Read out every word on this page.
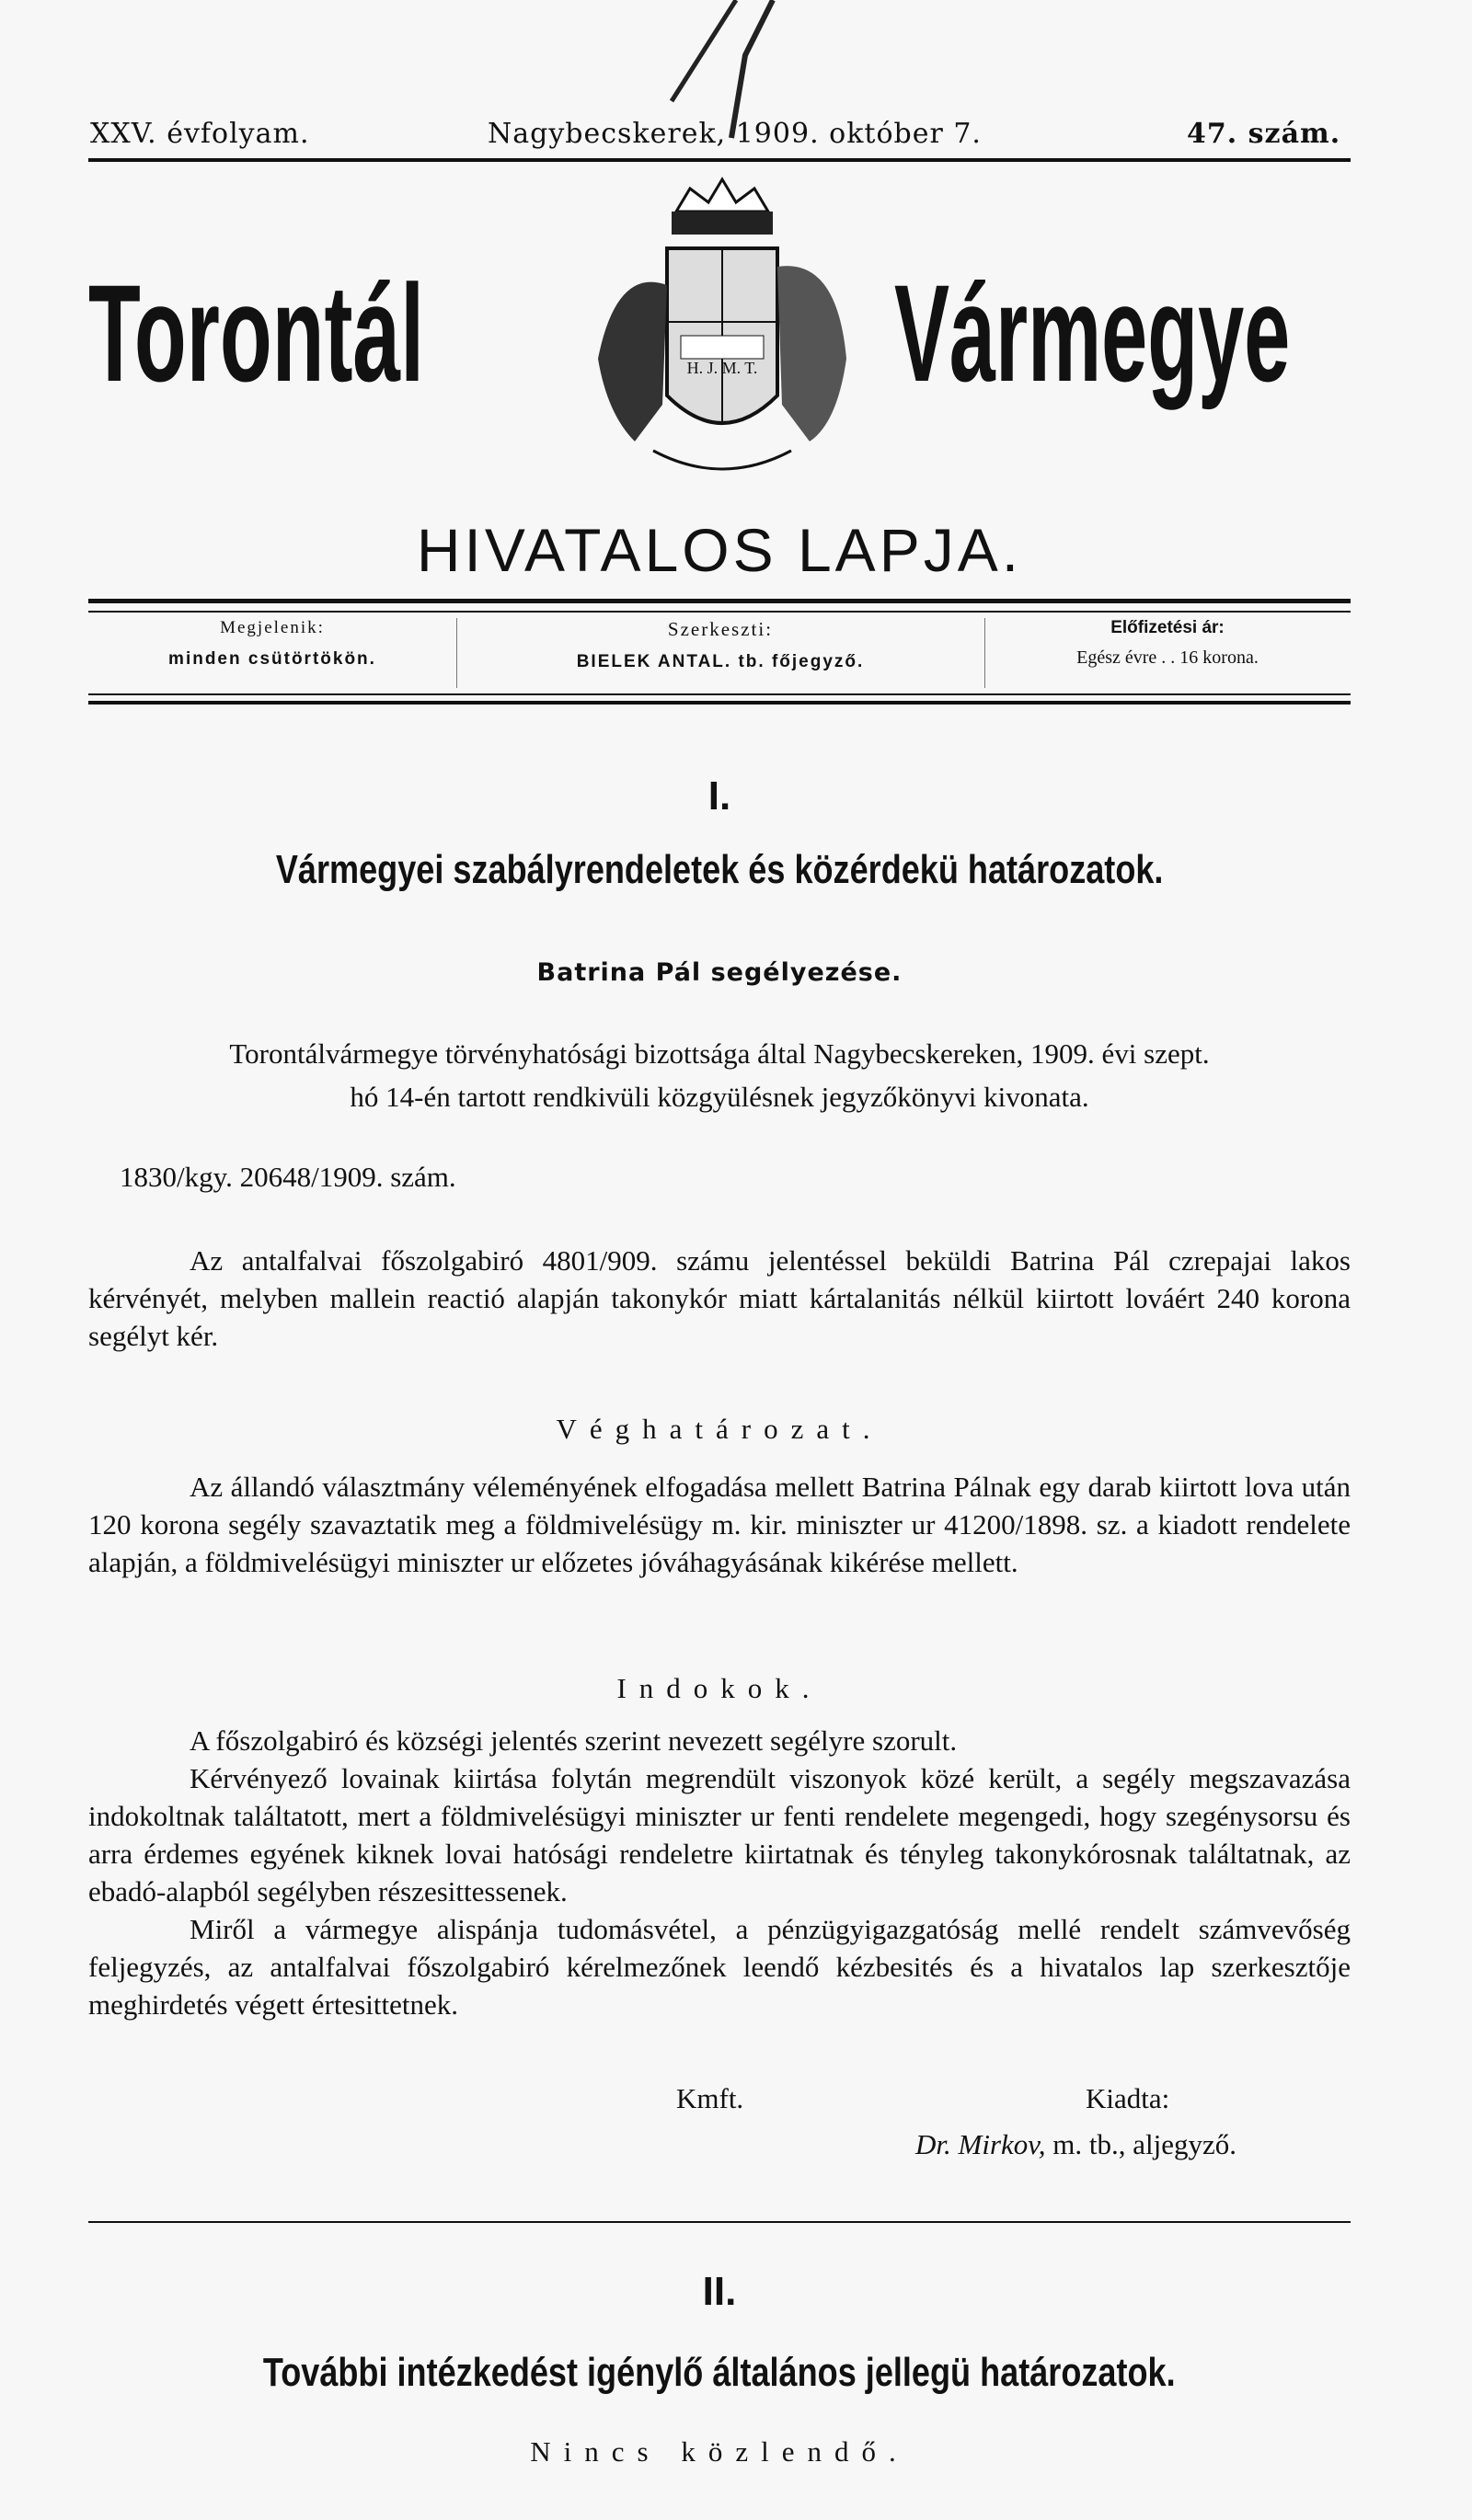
XXV. évfolyam.	Nagybecskerek, 1909. október 7.	47. szám.
Torontál	Vármegye
H. J. M. T.
HIVATALOS LAPJA.
Megjelenik:
minden csütörtökön.
Szerkeszti:
BIELEK ANTAL. tb. főjegyző.
Előfizetési ár:
Egész évre . . 16 korona.
I.
Vármegyei szabályrendeletek és közérdekü határozatok.
Batrina Pál segélyezése.
Torontálvármegye törvényhatósági bizottsága által Nagybecskereken, 1909. évi szept.
hó 14-én tartott rendkivüli közgyülésnek jegyzőkönyvi kivonata.
1830/kgy. 20648/1909. szám.
Az antalfalvai főszolgabiró 4801/909. számu jelentéssel beküldi Batrina Pál czrepajai lakos kérvényét, melyben mallein reactió alapján takonykór miatt kártalanitás nélkül kiirtott lováért 240 korona segélyt kér.
Véghatározat.
Az állandó választmány véleményének elfogadása mellett Batrina Pálnak egy darab kiirtott lova után 120 korona segély szavaztatik meg a földmivelésügy m. kir. miniszter ur 41200/1898. sz. a kiadott rendelete alapján, a földmivelésügyi miniszter ur előzetes jóváhagyásának kikérése mellett.
Indokok.
A főszolgabiró és községi jelentés szerint nevezett segélyre szorult.
Kérvényező lovainak kiirtása folytán megrendült viszonyok közé került, a segély megszavazása indokoltnak találtatott, mert a földmivelésügyi miniszter ur fenti rendelete megengedi, hogy szegénysorsu és arra érdemes egyének kiknek lovai hatósági rendeletre kiirtatnak és tényleg takonykórosnak találtatnak, az ebadó-alapból segélyben részesittessenek.
Miről a vármegye alispánja tudomásvétel, a pénzügyigazgatóság mellé rendelt számvevőség feljegyzés, az antalfalvai főszolgabiró kérelmezőnek leendő kézbesités és a hivatalos lap szerkesztője meghirdetés végett értesittetnek.
Kmft.	Kiadta:
Dr. Mirkov, m. tb., aljegyző.
II.
További intézkedést igénylő általános jellegü határozatok.
Nincs közlendő.
